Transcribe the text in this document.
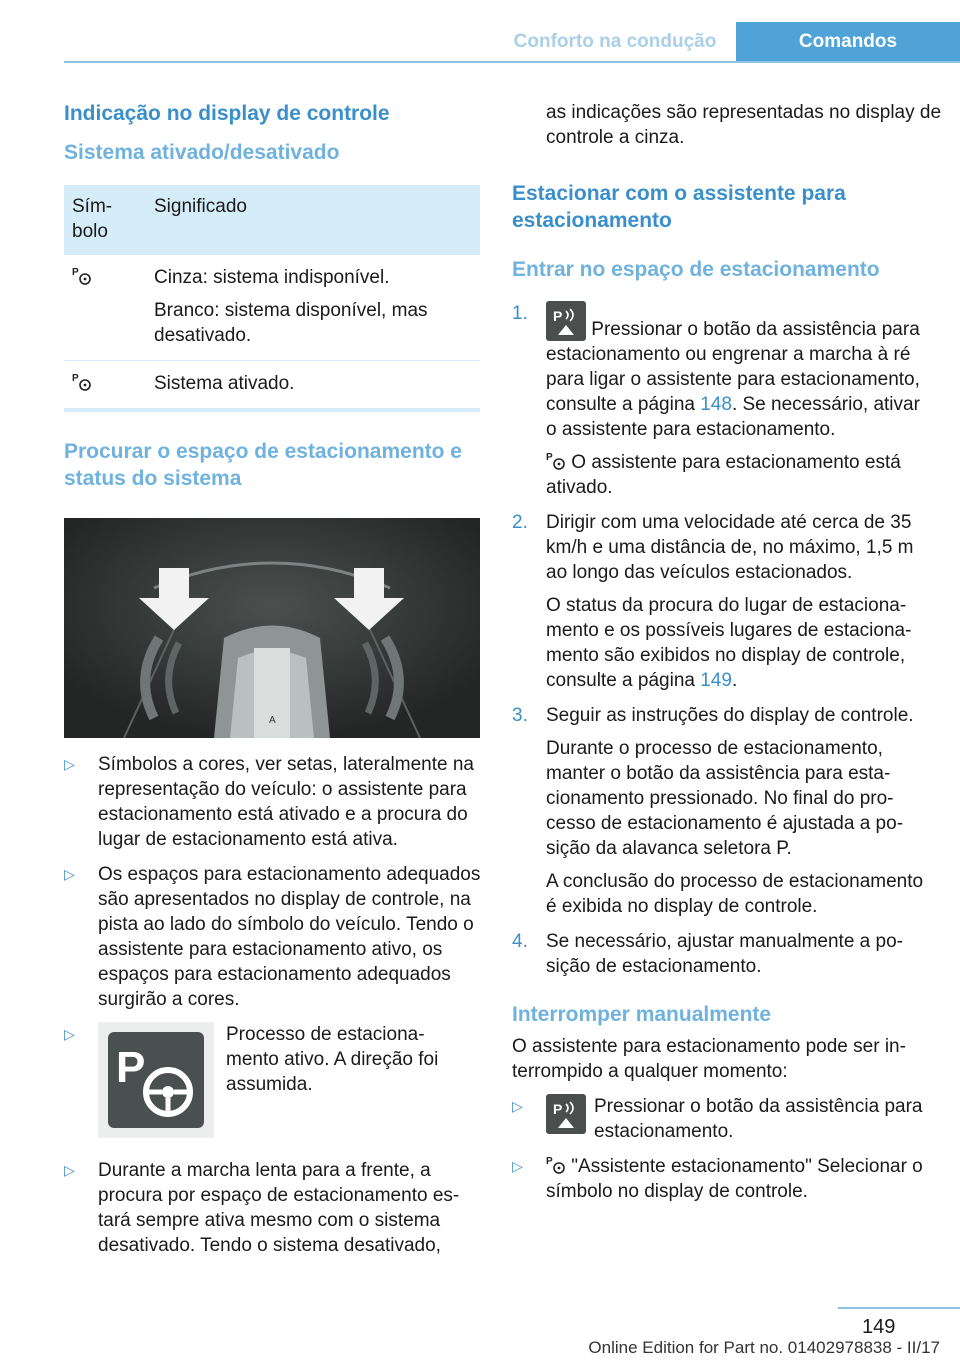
Conforto na condução	Comandos
Indicação no display de controle
Sistema ativado/desativado
Símbolo	Significado

P	Cinza: sistema indisponível.
Branco: sistema disponível, mas desativado.

P	Sistema ativado.
Procurar o espaço de estacionamento e status do sistema
A
▷ Símbolos a cores, ver setas, lateralmente na representação do veículo: o assistente para estacionamento está ativado e a procura do lugar de estacionamento está ativa.
▷ Os espaços para estacionamento adequados são apresentados no display de controle, na pista ao lado do símbolo do veículo. Tendo o assistente para estacionamento ativo, os espaços para estacionamento adequados surgirão a cores.
▷
P
Processo de estacionamento ativo. A direção foi assumida.
▷ Durante a marcha lenta para a frente, a procura por espaço de estacionamento estará sempre ativa mesmo com o sistema desativado. Tendo o sistema desativado,
as indicações são representadas no display de controle a cinza.
Estacionar com o assistente para estacionamento
Entrar no espaço de estacionamento
1. P
Pressionar o botão da assistência para estacionamento ou engrenar a marcha à ré para ligar o assistente para estacionamento, consulte a página 148. Se necessário, ativar o assistente para estacionamento.
P O assistente para estacionamento está ativado.
2. Dirigir com uma velocidade até cerca de 35 km/h e uma distância de, no máximo, 1,5 m ao longo das veículos estacionados.
O status da procura do lugar de estacionamento e os possíveis lugares de estacionamento são exibidos no display de controle, consulte a página 149.
3. Seguir as instruções do display de controle.
Durante o processo de estacionamento, manter o botão da assistência para estacionamento pressionado. No final do processo de estacionamento é ajustada a posição da alavanca seletora P.
A conclusão do processo de estacionamento é exibida no display de controle.
4. Se necessário, ajustar manualmente a posição de estacionamento.
Interromper manualmente
O assistente para estacionamento pode ser interrompido a qualquer momento:
▷ P Pressionar o botão da assistência para estacionamento.
▷ P "Assistente estacionamento" Selecionar o símbolo no display de controle.
149
Online Edition for Part no. 01402978838 - II/17
